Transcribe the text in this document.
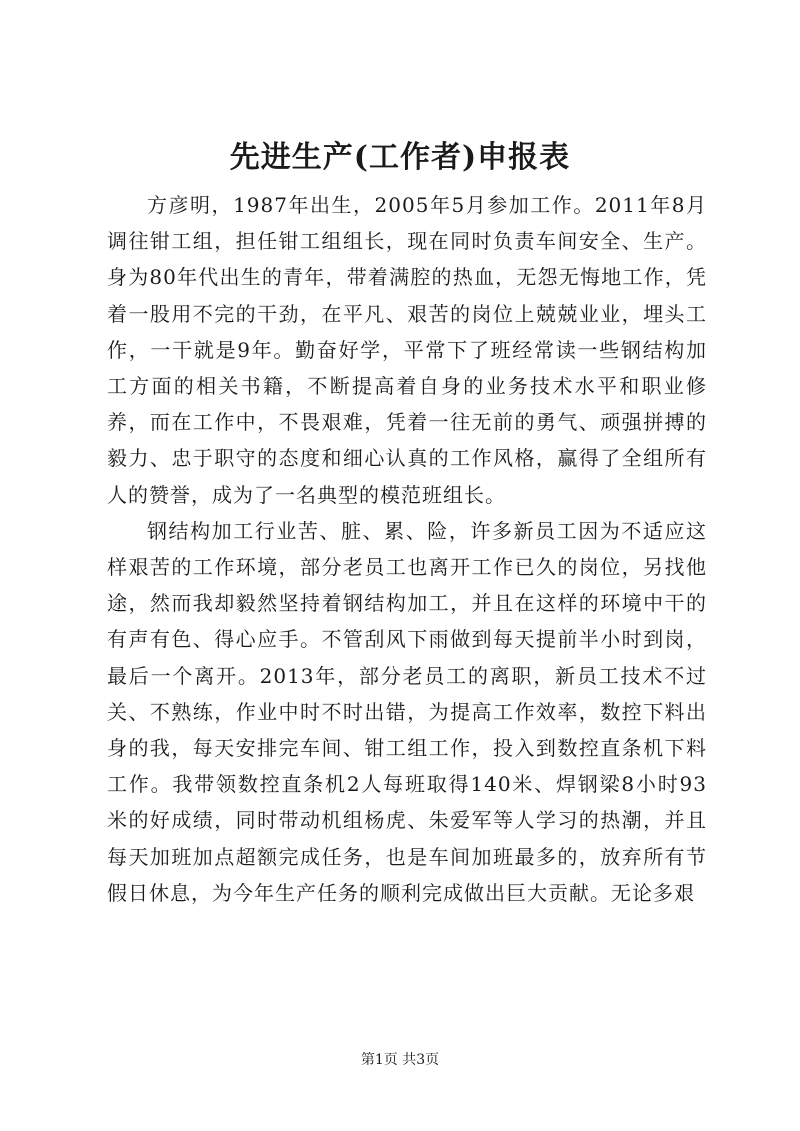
先进生产(工作者)申报表

方彦明，1987年出生，2005年5月参加工作。2011年8月调往钳工组，担任钳工组组长，现在同时负责车间安全、生产。身为80年代出生的青年，带着满腔的热血，无怨无悔地工作，凭着一股用不完的干劲，在平凡、艰苦的岗位上兢兢业业，埋头工作，一干就是9年。勤奋好学，平常下了班经常读一些钢结构加工方面的相关书籍，不断提高着自身的业务技术水平和职业修养，而在工作中，不畏艰难，凭着一往无前的勇气、顽强拼搏的毅力、忠于职守的态度和细心认真的工作风格，赢得了全组所有人的赞誉，成为了一名典型的模范班组长。

钢结构加工行业苦、脏、累、险，许多新员工因为不适应这样艰苦的工作环境，部分老员工也离开工作已久的岗位，另找他途，然而我却毅然坚持着钢结构加工，并且在这样的环境中干的有声有色、得心应手。不管刮风下雨做到每天提前半小时到岗，最后一个离开。2013年，部分老员工的离职，新员工技术不过关、不熟练，作业中时不时出错，为提高工作效率，数控下料出身的我，每天安排完车间、钳工组工作，投入到数控直条机下料工作。我带领数控直条机2人每班取得140米、焊钢梁8小时93米的好成绩，同时带动机组杨虎、朱爱军等人学习的热潮，并且每天加班加点超额完成任务，也是车间加班最多的，放弃所有节假日休息，为今年生产任务的顺利完成做出巨大贡献。无论多艰

第1页 共3页
